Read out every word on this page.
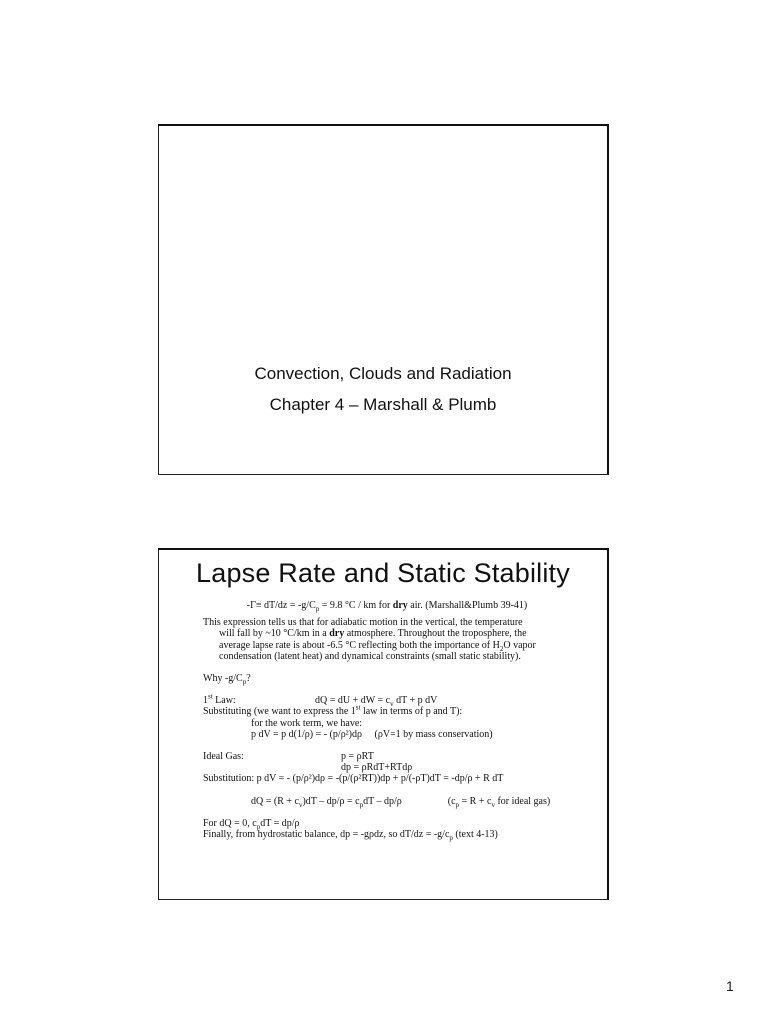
Convection, Clouds and Radiation
Chapter 4 – Marshall & Plumb
Lapse Rate and Static Stability
$-\Gamma\equiv dT/dz = -g/C_p = 9.8$ °C / km for dry air. (Marshall&Plumb 39-41)
This expression tells us that for adiabatic motion in the vertical, the temperature
will fall by ~10 °C/km in a dry atmosphere. Throughout the troposphere, the
average lapse rate is about -6.5 °C reflecting both the importance of $H_2O$ vapor
condensation (latent heat) and dynamical constraints (small static stability).
Why $-g/C_p$?
1st Law:	dQ = dU + dW = $c_v$ dT + p dV
Substituting (we want to express the 1st law in terms of p and T):
for the work term, we have:
p dV = p d(1/ρ) = - (p/ρ²)dρ (ρV=1 by mass conservation)
Ideal Gas:	p = ρRT
dp = ρRdT+RTdρ
Substitution: p dV = - (p/ρ²)dρ = -(p/(ρ²RT))dp + p/(-ρT)dT = -dp/ρ + R dT
dQ = $(R + c_v)dT - dp/\rho = c_pdT - dp/\rho$	($c_p = R + c_v$ for ideal gas)
For dQ = 0, $c_pdT = dp/\rho$
Finally, from hydrostatic balance, dp = -gρdz, so $dT/dz = -g/c_p$ (text 4-13)
1
